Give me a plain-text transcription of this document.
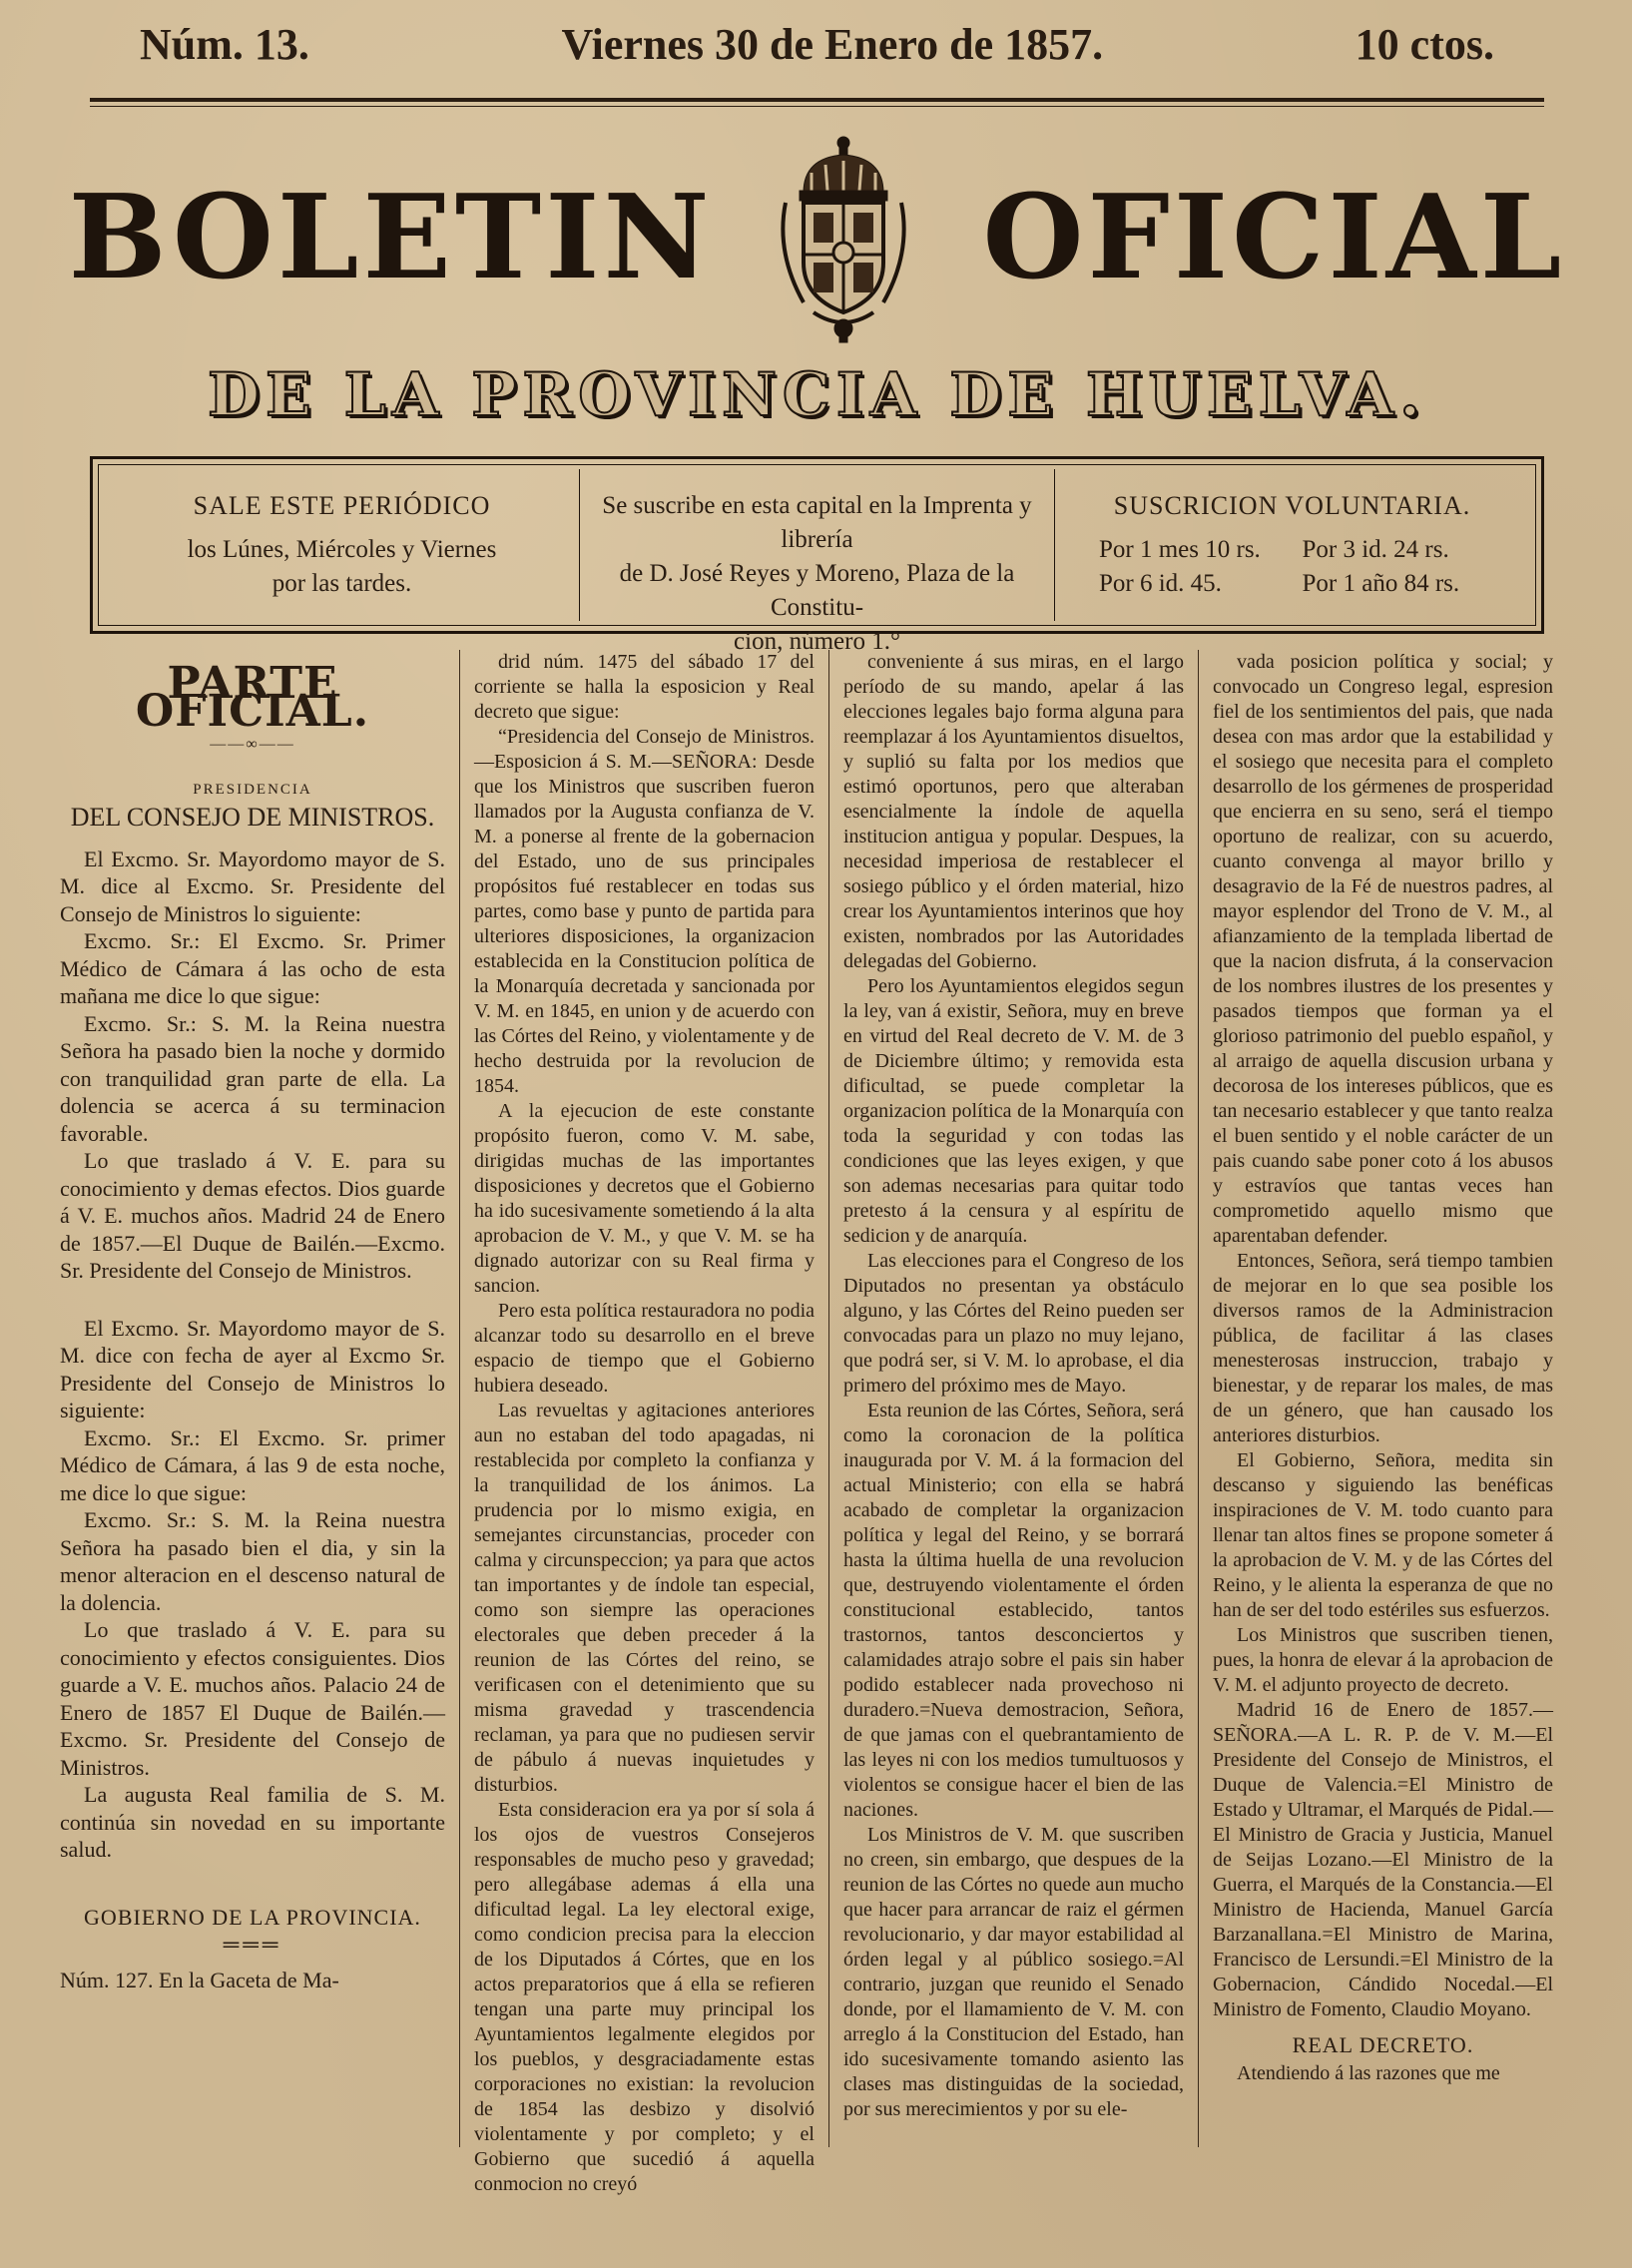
Núm. 13.	Viernes 30 de Enero de 1857.	10 ctos.
BOLETIN OFICIAL
DE LA PROVINCIA DE HUELVA.
SALE ESTE PERIÓDICO
los Lúnes, Miércoles y Viernes
por las tardes.
Se suscribe en esta capital en la Imprenta y librería
de D. José Reyes y Moreno, Plaza de la Constitu-
cion, número 1.°
SUSCRICION VOLUNTARIA.
Por 1 mes 10 rs.	Por 3 id. 24 rs.
Por 6 id. 45.	Por 1 año 84 rs.
PARTE OFICIAL.
——∞——
PRESIDENCIA
DEL CONSEJO DE MINISTROS.

El Excmo. Sr. Mayordomo mayor de S. M. dice al Excmo. Sr. Presidente del Consejo de Ministros lo siguiente:

Excmo. Sr.: El Excmo. Sr. Primer Médico de Cámara á las ocho de esta mañana me dice lo que sigue:

Excmo. Sr.: S. M. la Reina nuestra Señora ha pasado bien la noche y dormido con tranquilidad gran parte de ella. La dolencia se acerca á su terminacion favorable.

Lo que traslado á V. E. para su conocimiento y demas efectos. Dios guarde á V. E. muchos años. Madrid 24 de Enero de 1857.—El Duque de Bailén.—Excmo. Sr. Presidente del Consejo de Ministros.

El Excmo. Sr. Mayordomo mayor de S. M. dice con fecha de ayer al Excmo Sr. Presidente del Consejo de Ministros lo siguiente:

Excmo. Sr.: El Excmo. Sr. primer Médico de Cámara, á las 9 de esta noche, me dice lo que sigue:

Excmo. Sr.: S. M. la Reina nuestra Señora ha pasado bien el dia, y sin la menor alteracion en el descenso natural de la dolencia.

Lo que traslado á V. E. para su conocimiento y efectos consiguientes. Dios guarde a V. E. muchos años. Palacio 24 de Enero de 1857 El Duque de Bailén.—Excmo. Sr. Presidente del Consejo de Ministros.

La augusta Real familia de S. M. continúa sin novedad en su importante salud.

GOBIERNO DE LA PROVINCIA.
═══
Núm. 127. En la Gaceta de Ma-

drid núm. 1475 del sábado 17 del corriente se halla la esposicion y Real decreto que sigue:

“Presidencia del Consejo de Ministros.—Esposicion á S. M.—SEÑORA: Desde que los Ministros que suscriben fueron llamados por la Augusta confianza de V. M. a ponerse al frente de la gobernacion del Estado, uno de sus principales propósitos fué restablecer en todas sus partes, como base y punto de partida para ulteriores disposiciones, la organizacion establecida en la Constitucion política de la Monarquía decretada y sancionada por V. M. en 1845, en union y de acuerdo con las Córtes del Reino, y violentamente y de hecho destruida por la revolucion de 1854.

A la ejecucion de este constante propósito fueron, como V. M. sabe, dirigidas muchas de las importantes disposiciones y decretos que el Gobierno ha ido sucesivamente sometiendo á la alta aprobacion de V. M., y que V. M. se ha dignado autorizar con su Real firma y sancion.

Pero esta política restauradora no podia alcanzar todo su desarrollo en el breve espacio de tiempo que el Gobierno hubiera deseado.

Las revueltas y agitaciones anteriores aun no estaban del todo apagadas, ni restablecida por completo la confianza y la tranquilidad de los ánimos. La prudencia por lo mismo exigia, en semejantes circunstancias, proceder con calma y circunspeccion; ya para que actos tan importantes y de índole tan especial, como son siempre las operaciones electorales que deben preceder á la reunion de las Córtes del reino, se verificasen con el detenimiento que su misma gravedad y trascendencia reclaman, ya para que no pudiesen servir de pábulo á nuevas inquietudes y disturbios.

Esta consideracion era ya por sí sola á los ojos de vuestros Consejeros responsables de mucho peso y gravedad; pero allegábase ademas á ella una dificultad legal. La ley electoral exige, como condicion precisa para la eleccion de los Diputados á Córtes, que en los actos preparatorios que á ella se refieren tengan una parte muy principal los Ayuntamientos legalmente elegidos por los pueblos, y desgraciadamente estas corporaciones no existian: la revolucion de 1854 las desbizo y disolvió violentamente y por completo; y el Gobierno que sucedió á aquella conmocion no creyó

conveniente á sus miras, en el largo período de su mando, apelar á las elecciones legales bajo forma alguna para reemplazar á los Ayuntamientos disueltos, y suplió su falta por los medios que estimó oportunos, pero que alteraban esencialmente la índole de aquella institucion antigua y popular. Despues, la necesidad imperiosa de restablecer el sosiego público y el órden material, hizo crear los Ayuntamientos interinos que hoy existen, nombrados por las Autoridades delegadas del Gobierno.

Pero los Ayuntamientos elegidos segun la ley, van á existir, Señora, muy en breve en virtud del Real decreto de V. M. de 3 de Diciembre último; y removida esta dificultad, se puede completar la organizacion política de la Monarquía con toda la seguridad y con todas las condiciones que las leyes exigen, y que son ademas necesarias para quitar todo pretesto á la censura y al espíritu de sedicion y de anarquía.

Las elecciones para el Congreso de los Diputados no presentan ya obstáculo alguno, y las Córtes del Reino pueden ser convocadas para un plazo no muy lejano, que podrá ser, si V. M. lo aprobase, el dia primero del próximo mes de Mayo.

Esta reunion de las Córtes, Señora, será como la coronacion de la política inaugurada por V. M. á la formacion del actual Ministerio; con ella se habrá acabado de completar la organizacion política y legal del Reino, y se borrará hasta la última huella de una revolucion que, destruyendo violentamente el órden constitucional establecido, tantos trastornos, tantos desconciertos y calamidades atrajo sobre el pais sin haber podido establecer nada provechoso ni duradero.=Nueva demostracion, Señora, de que jamas con el quebrantamiento de las leyes ni con los medios tumultuosos y violentos se consigue hacer el bien de las naciones.

Los Ministros de V. M. que suscriben no creen, sin embargo, que despues de la reunion de las Córtes no quede aun mucho que hacer para arrancar de raiz el gérmen revolucionario, y dar mayor estabilidad al órden legal y al público sosiego.=Al contrario, juzgan que reunido el Senado donde, por el llamamiento de V. M. con arreglo á la Constitucion del Estado, han ido sucesivamente tomando asiento las clases mas distinguidas de la sociedad, por sus merecimientos y por su ele-

vada posicion política y social; y convocado un Congreso legal, espresion fiel de los sentimientos del pais, que nada desea con mas ardor que la estabilidad y el sosiego que necesita para el completo desarrollo de los gérmenes de prosperidad que encierra en su seno, será el tiempo oportuno de realizar, con su acuerdo, cuanto convenga al mayor brillo y desagravio de la Fé de nuestros padres, al mayor esplendor del Trono de V. M., al afianzamiento de la templada libertad de que la nacion disfruta, á la conservacion de los nombres ilustres de los presentes y pasados tiempos que forman ya el glorioso patrimonio del pueblo español, y al arraigo de aquella discusion urbana y decorosa de los intereses públicos, que es tan necesario establecer y que tanto realza el buen sentido y el noble carácter de un pais cuando sabe poner coto á los abusos y estravíos que tantas veces han comprometido aquello mismo que aparentaban defender.

Entonces, Señora, será tiempo tambien de mejorar en lo que sea posible los diversos ramos de la Administracion pública, de facilitar á las clases menesterosas instruccion, trabajo y bienestar, y de reparar los males, de mas de un género, que han causado los anteriores disturbios.

El Gobierno, Señora, medita sin descanso y siguiendo las benéficas inspiraciones de V. M. todo cuanto para llenar tan altos fines se propone someter á la aprobacion de V. M. y de las Córtes del Reino, y le alienta la esperanza de que no han de ser del todo estériles sus esfuerzos.

Los Ministros que suscriben tienen, pues, la honra de elevar á la aprobacion de V. M. el adjunto proyecto de decreto.

Madrid 16 de Enero de 1857.—SEÑORA.—A L. R. P. de V. M.—El Presidente del Consejo de Ministros, el Duque de Valencia.=El Ministro de Estado y Ultramar, el Marqués de Pidal.—El Ministro de Gracia y Justicia, Manuel de Seijas Lozano.—El Ministro de la Guerra, el Marqués de la Constancia.—El Ministro de Hacienda, Manuel García Barzanallana.=El Ministro de Marina, Francisco de Lersundi.=El Ministro de la Gobernacion, Cándido Nocedal.—El Ministro de Fomento, Claudio Moyano.

REAL DECRETO.

Atendiendo á las razones que me
